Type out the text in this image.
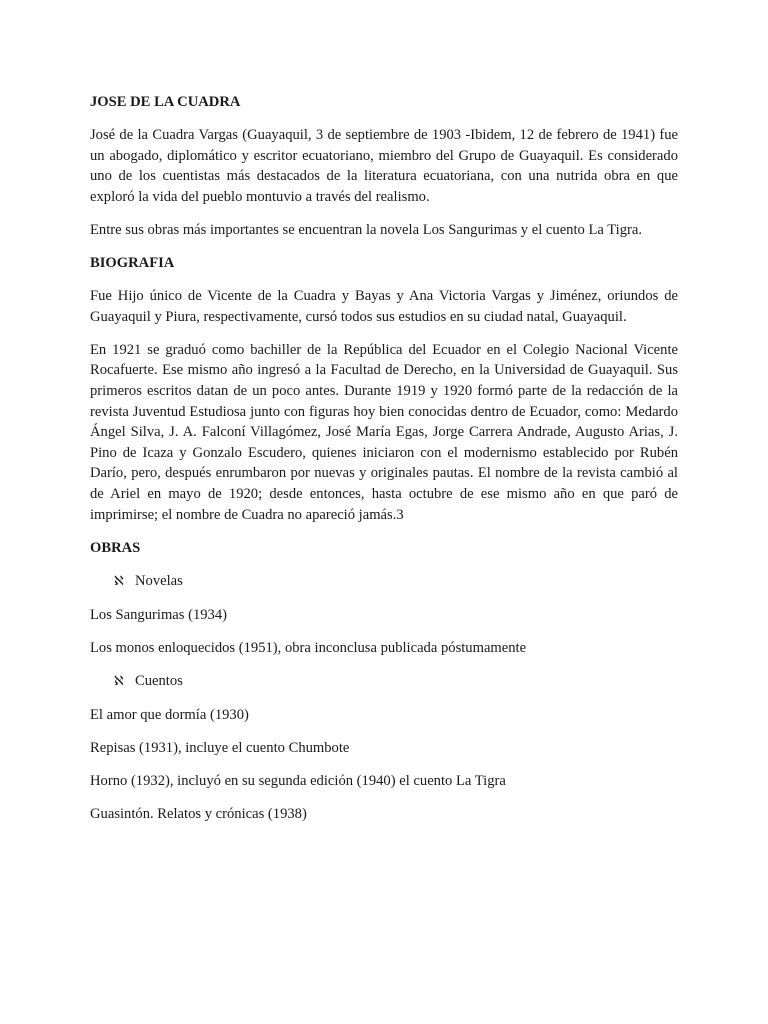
JOSE DE LA CUADRA

José de la Cuadra Vargas (Guayaquil, 3 de septiembre de 1903 -Ibidem, 12 de febrero de 1941) fue un abogado, diplomático y escritor ecuatoriano, miembro del Grupo de Guayaquil. Es considerado uno de los cuentistas más destacados de la literatura ecuatoriana, con una nutrida obra en que exploró la vida del pueblo montuvio a través del realismo.

Entre sus obras más importantes se encuentran la novela Los Sangurimas y el cuento La Tigra.

BIOGRAFIA

Fue Hijo único de Vicente de la Cuadra y Bayas y Ana Victoria Vargas y Jiménez, oriundos de Guayaquil y Piura, respectivamente, cursó todos sus estudios en su ciudad natal, Guayaquil.

En 1921 se graduó como bachiller de la República del Ecuador en el Colegio Nacional Vicente Rocafuerte. Ese mismo año ingresó a la Facultad de Derecho, en la Universidad de Guayaquil. Sus primeros escritos datan de un poco antes. Durante 1919 y 1920 formó parte de la redacción de la revista Juventud Estudiosa junto con figuras hoy bien conocidas dentro de Ecuador, como: Medardo Ángel Silva, J. A. Falconí Villagómez, José María Egas, Jorge Carrera Andrade, Augusto Arias, J. Pino de Icaza y Gonzalo Escudero, quienes iniciaron con el modernismo establecido por Rubén Darío, pero, después enrumbaron por nuevas y originales pautas. El nombre de la revista cambió al de Ariel en mayo de 1920; desde entonces, hasta octubre de ese mismo año en que paró de imprimirse; el nombre de Cuadra no apareció jamás.3

OBRAS
ℵ Novelas

Los Sangurimas (1934)

Los monos enloquecidos (1951), obra inconclusa publicada póstumamente

ℵ Cuentos

El amor que dormía (1930)

Repisas (1931), incluye el cuento Chumbote

Horno (1932), incluyó en su segunda edición (1940) el cuento La Tigra

Guasintón. Relatos y crónicas (1938)
